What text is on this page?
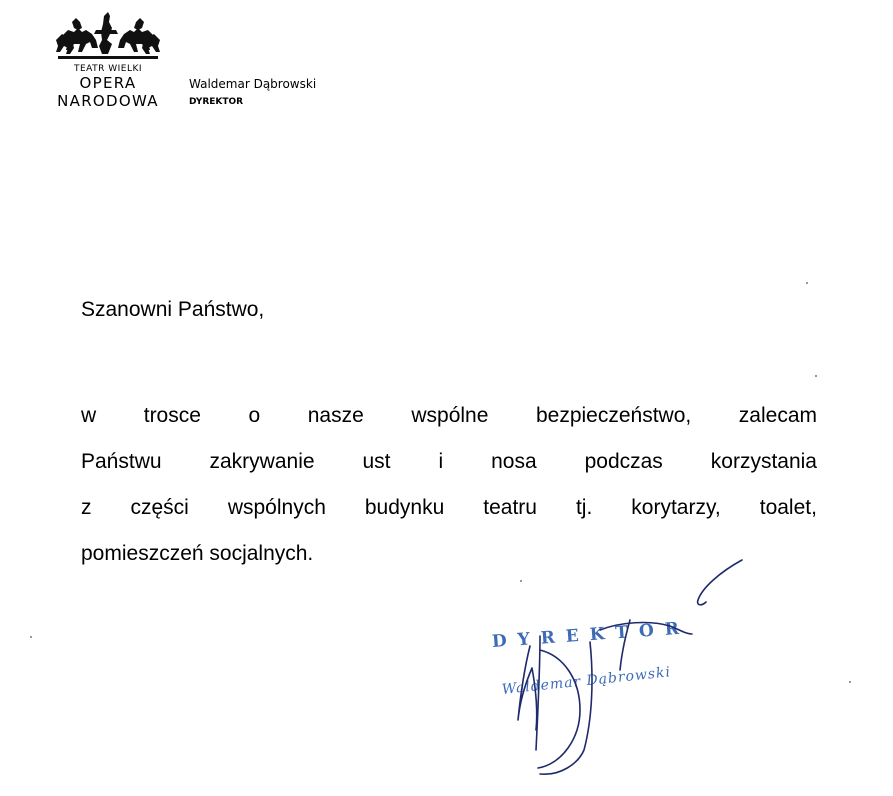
TEATR WIELKI
OPERA
NARODOWA
Waldemar Dąbrowski
DYREKTOR
Szanowni Państwo,
w trosce o nasze wspólne bezpieczeństwo, zalecam
Państwu zakrywanie ust i nosa podczas korzystania
z części wspólnych budynku teatru tj. korytarzy, toalet,
pomieszczeń socjalnych.
DYREKTOR
Waldemar Dąbrowski
